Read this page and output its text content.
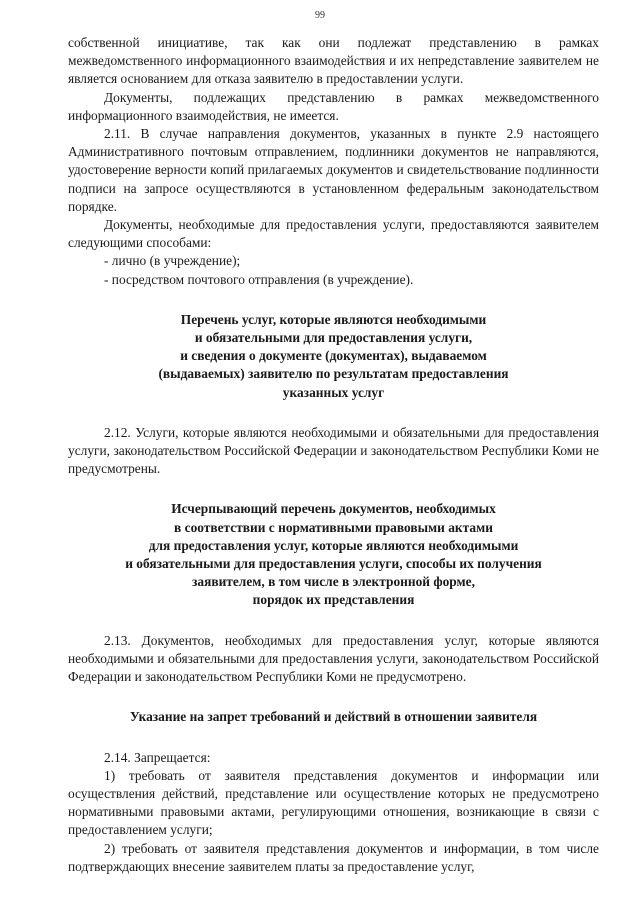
99

собственной инициативе, так как они подлежат представлению в рамках межведомственного информационного взаимодействия и их непредставление заявителем не является основанием для отказа заявителю в предоставлении услуги.

Документы, подлежащих представлению в рамках межведомственного информационного взаимодействия, не имеется.

2.11. В случае направления документов, указанных в пункте 2.9 настоящего Административного почтовым отправлением, подлинники документов не направляются, удостоверение верности копий прилагаемых документов и свидетельствование подлинности подписи на запросе осуществляются в установленном федеральным законодательством порядке.

Документы, необходимые для предоставления услуги, предоставляются заявителем следующими способами:

- лично (в учреждение);

- посредством почтового отправления (в учреждение).

Перечень услуг, которые являются необходимыми

и обязательными для предоставления услуги,

и сведения о документе (документах), выдаваемом

(выдаваемых) заявителю по результатам предоставления

указанных услуг

2.12. Услуги, которые являются необходимыми и обязательными для предоставления услуги, законодательством Российской Федерации и законодательством Республики Коми не предусмотрены.

Исчерпывающий перечень документов, необходимых

в соответствии с нормативными правовыми актами

для предоставления услуг, которые являются необходимыми

и обязательными для предоставления услуги, способы их получения

заявителем, в том числе в электронной форме,

порядок их представления

2.13. Документов, необходимых для предоставления услуг, которые являются необходимыми и обязательными для предоставления услуги, законодательством Российской Федерации и законодательством Республики Коми не предусмотрено.

Указание на запрет требований и действий в отношении заявителя

2.14. Запрещается:

1) требовать от заявителя представления документов и информации или осуществления действий, представление или осуществление которых не предусмотрено нормативными правовыми актами, регулирующими отношения, возникающие в связи с предоставлением услуги;

2) требовать от заявителя представления документов и информации, в том числе подтверждающих внесение заявителем платы за предоставление услуг,
